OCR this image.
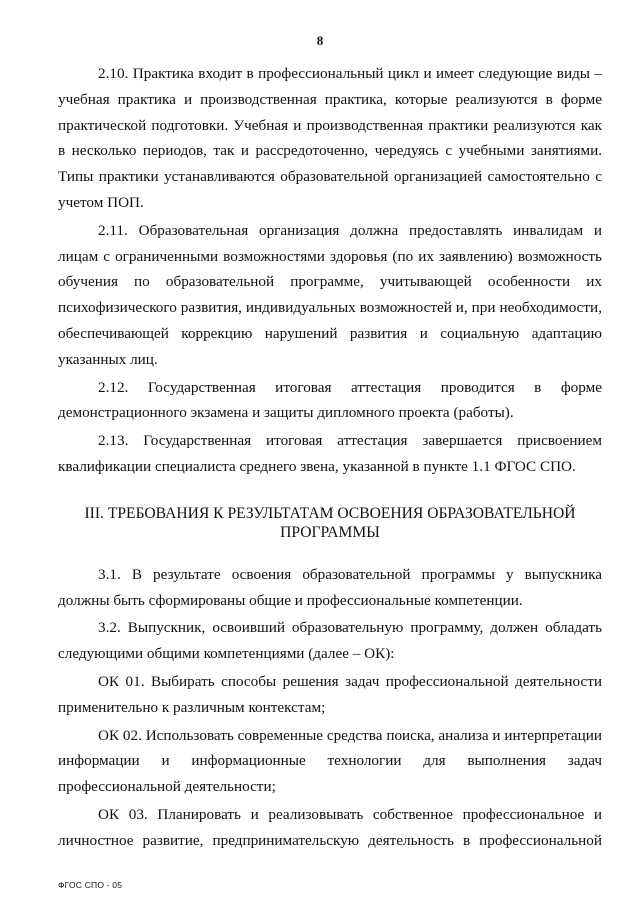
8

2.10. Практика входит в профессиональный цикл и имеет следующие виды – учебная практика и производственная практика, которые реализуются в форме практической подготовки. Учебная и производственная практики реализуются как в несколько периодов, так и рассредоточенно, чередуясь с учебными занятиями. Типы практики устанавливаются образовательной организацией самостоятельно с учетом ПОП.

2.11. Образовательная организация должна предоставлять инвалидам и лицам с ограниченными возможностями здоровья (по их заявлению) возможность обучения по образовательной программе, учитывающей особенности их психофизического развития, индивидуальных возможностей и, при необходимости, обеспечивающей коррекцию нарушений развития и социальную адаптацию указанных лиц.

2.12. Государственная итоговая аттестация проводится в форме демонстрационного экзамена и защиты дипломного проекта (работы).

2.13. Государственная итоговая аттестация завершается присвоением квалификации специалиста среднего звена, указанной в пункте 1.1 ФГОС СПО.

III. ТРЕБОВАНИЯ К РЕЗУЛЬТАТАМ ОСВОЕНИЯ ОБРАЗОВАТЕЛЬНОЙ ПРОГРАММЫ

3.1. В результате освоения образовательной программы у выпускника должны быть сформированы общие и профессиональные компетенции.

3.2. Выпускник, освоивший образовательную программу, должен обладать следующими общими компетенциями (далее – ОК):

ОК 01. Выбирать способы решения задач профессиональной деятельности применительно к различным контекстам;

ОК 02. Использовать современные средства поиска, анализа и интерпретации информации и информационные технологии для выполнения задач профессиональной деятельности;

ОК 03. Планировать и реализовывать собственное профессиональное и личностное развитие, предпринимательскую деятельность в профессиональной

ФГОС СПО - 05
